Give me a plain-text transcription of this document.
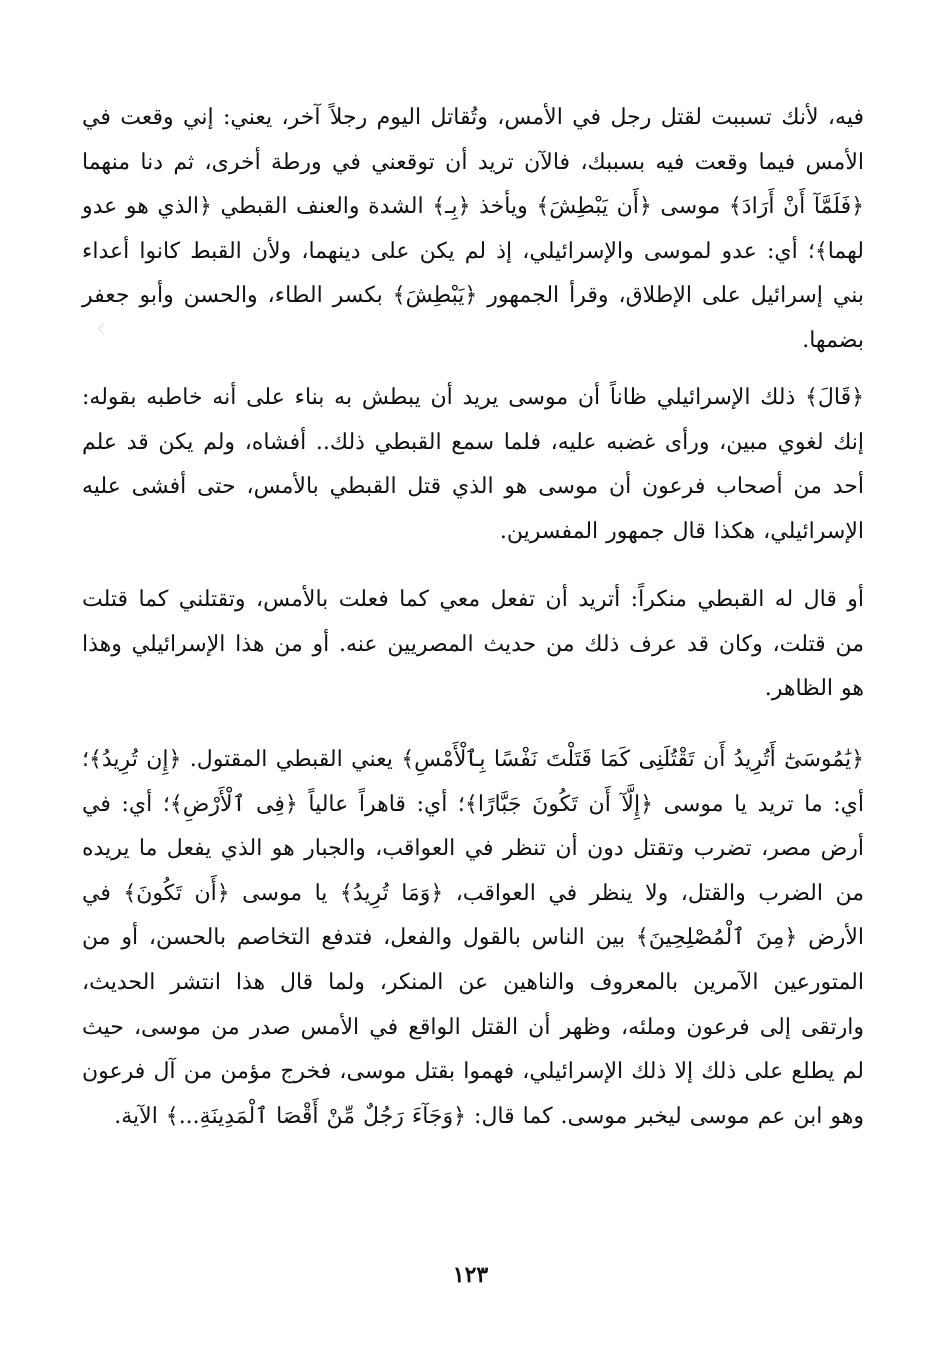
〈

فيه، لأنك تسببت لقتل رجل في الأمس، وتُقاتل اليوم رجلاً آخر، يعني: إني وقعت في الأمس فيما وقعت فيه بسببك، فالآن تريد أن توقعني في ورطة أخرى، ثم دنا منهما ﴿فَلَمَّآ أَنْ أَرَادَ﴾ موسى ﴿أَن يَبْطِشَ﴾ ويأخذ ﴿بِـ﴾ الشدة والعنف القبطي ﴿الذي هو عدو لهما﴾؛ أي: عدو لموسى والإسرائيلي، إذ لم يكن على دينهما، ولأن القبط كانوا أعداء بني إسرائيل على الإطلاق، وقرأ الجمهور ﴿يَبْطِشَ﴾ بكسر الطاء، والحسن وأبو جعفر بضمها.

﴿قَالَ﴾ ذلك الإسرائيلي ظاناً أن موسى يريد أن يبطش به بناء على أنه خاطبه بقوله: إنك لغوي مبين، ورأى غضبه عليه، فلما سمع القبطي ذلك.. أفشاه، ولم يكن قد علم أحد من أصحاب فرعون أن موسى هو الذي قتل القبطي بالأمس، حتى أفشى عليه الإسرائيلي، هكذا قال جمهور المفسرين.

أو قال له القبطي منكراً: أتريد أن تفعل معي كما فعلت بالأمس، وتقتلني كما قتلت من قتلت، وكان قد عرف ذلك من حديث المصريين عنه. أو من هذا الإسرائيلي وهذا هو الظاهر.

﴿يَٰمُوسَىٰٓ أَتُرِيدُ أَن تَقْتُلَنِى كَمَا قَتَلْتَ نَفْسًا بِٱلْأَمْسِ﴾ يعني القبطي المقتول. ﴿إِن تُرِيدُ﴾؛ أي: ما تريد يا موسى ﴿إِلَّآ أَن تَكُونَ جَبَّارًا﴾؛ أي: قاهراً عالياً ﴿فِى ٱلْأَرْضِ﴾؛ أي: في أرض مصر، تضرب وتقتل دون أن تنظر في العواقب، والجبار هو الذي يفعل ما يريده من الضرب والقتل، ولا ينظر في العواقب، ﴿وَمَا تُرِيدُ﴾ يا موسى ﴿أَن تَكُونَ﴾ في الأرض ﴿مِنَ ٱلْمُصْلِحِينَ﴾ بين الناس بالقول والفعل، فتدفع التخاصم بالحسن، أو من المتورعين الآمرين بالمعروف والناهين عن المنكر، ولما قال هذا انتشر الحديث، وارتقى إلى فرعون وملئه، وظهر أن القتل الواقع في الأمس صدر من موسى، حيث لم يطلع على ذلك إلا ذلك الإسرائيلي، فهموا بقتل موسى، فخرج مؤمن من آل فرعون وهو ابن عم موسى ليخبر موسى. كما قال: ﴿وَجَآءَ رَجُلٌ مِّنْ أَقْصَا ٱلْمَدِينَةِ...﴾ الآية.

١٢٣
